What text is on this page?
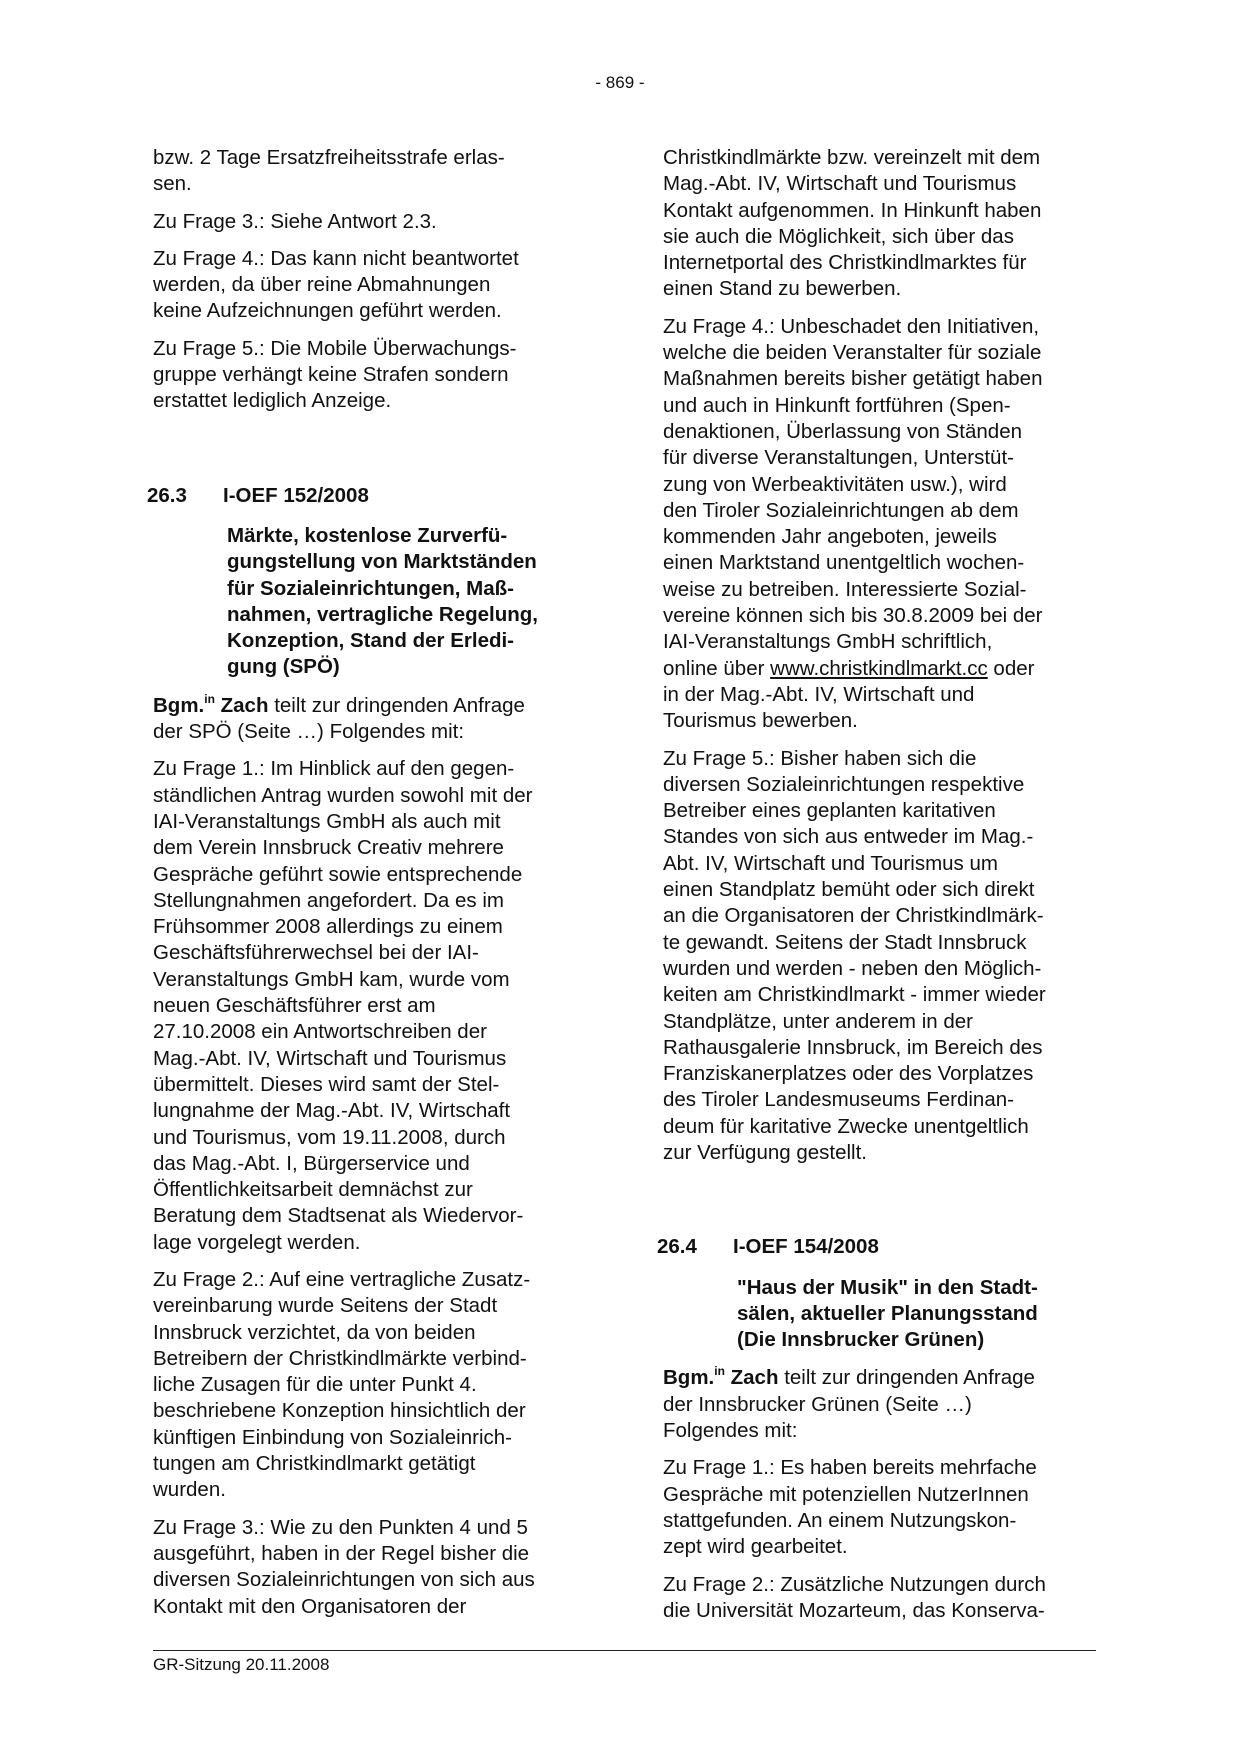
- 869 -

bzw. 2 Tage Ersatzfreiheitsstrafe erlas-
sen.

Zu Frage 3.: Siehe Antwort 2.3.

Zu Frage 4.: Das kann nicht beantwortet
werden, da über reine Abmahnungen
keine Aufzeichnungen geführt werden.

Zu Frage 5.: Die Mobile Überwachungs-
gruppe verhängt keine Strafen sondern
erstattet lediglich Anzeige.

26.3 I-OEF 152/2008
Märkte, kostenlose Zurverfü-
gungstellung von Marktständen
für Sozialeinrichtungen, Maß-
nahmen, vertragliche Regelung,
Konzeption, Stand der Erledi-
gung (SPÖ)

Bgm.$^{in}$ Zach teilt zur dringenden Anfrage
der SPÖ (Seite …) Folgendes mit:

Zu Frage 1.: Im Hinblick auf den gegen-
ständlichen Antrag wurden sowohl mit der
IAI-Veranstaltungs GmbH als auch mit
dem Verein Innsbruck Creativ mehrere
Gespräche geführt sowie entsprechende
Stellungnahmen angefordert. Da es im
Frühsommer 2008 allerdings zu einem
Geschäftsführerwechsel bei der IAI-
Veranstaltungs GmbH kam, wurde vom
neuen Geschäftsführer erst am
27.10.2008 ein Antwortschreiben der
Mag.-Abt. IV, Wirtschaft und Tourismus
übermittelt. Dieses wird samt der Stel-
lungnahme der Mag.-Abt. IV, Wirtschaft
und Tourismus, vom 19.11.2008, durch
das Mag.-Abt. I, Bürgerservice und
Öffentlichkeitsarbeit demnächst zur
Beratung dem Stadtsenat als Wiedervor-
lage vorgelegt werden.

Zu Frage 2.: Auf eine vertragliche Zusatz-
vereinbarung wurde Seitens der Stadt
Innsbruck verzichtet, da von beiden
Betreibern der Christkindlmärkte verbind-
liche Zusagen für die unter Punkt 4.
beschriebene Konzeption hinsichtlich der
künftigen Einbindung von Sozialeinrich-
tungen am Christkindlmarkt getätigt
wurden.

Zu Frage 3.: Wie zu den Punkten 4 und 5
ausgeführt, haben in der Regel bisher die
diversen Sozialeinrichtungen von sich aus
Kontakt mit den Organisatoren der

Christkindlmärkte bzw. vereinzelt mit dem
Mag.-Abt. IV, Wirtschaft und Tourismus
Kontakt aufgenommen. In Hinkunft haben
sie auch die Möglichkeit, sich über das
Internetportal des Christkindlmarktes für
einen Stand zu bewerben.

Zu Frage 4.: Unbeschadet den Initiativen,
welche die beiden Veranstalter für soziale
Maßnahmen bereits bisher getätigt haben
und auch in Hinkunft fortführen (Spen-
denaktionen, Überlassung von Ständen
für diverse Veranstaltungen, Unterstüt-
zung von Werbeaktivitäten usw.), wird
den Tiroler Sozialeinrichtungen ab dem
kommenden Jahr angeboten, jeweils
einen Marktstand unentgeltlich wochen-
weise zu betreiben. Interessierte Sozial-
vereine können sich bis 30.8.2009 bei der
IAI-Veranstaltungs GmbH schriftlich,
online über www.christkindlmarkt.cc oder
in der Mag.-Abt. IV, Wirtschaft und
Tourismus bewerben.

Zu Frage 5.: Bisher haben sich die
diversen Sozialeinrichtungen respektive
Betreiber eines geplanten karitativen
Standes von sich aus entweder im Mag.-
Abt. IV, Wirtschaft und Tourismus um
einen Standplatz bemüht oder sich direkt
an die Organisatoren der Christkindlmärk-
te gewandt. Seitens der Stadt Innsbruck
wurden und werden - neben den Möglich-
keiten am Christkindlmarkt - immer wieder
Standplätze, unter anderem in der
Rathausgalerie Innsbruck, im Bereich des
Franziskanerplatzes oder des Vorplatzes
des Tiroler Landesmuseums Ferdinan-
deum für karitative Zwecke unentgeltlich
zur Verfügung gestellt.

26.4 I-OEF 154/2008
"Haus der Musik" in den Stadt-
sälen, aktueller Planungsstand
(Die Innsbrucker Grünen)

Bgm.$^{in}$ Zach teilt zur dringenden Anfrage
der Innsbrucker Grünen (Seite …)
Folgendes mit:

Zu Frage 1.: Es haben bereits mehrfache
Gespräche mit potenziellen NutzerInnen
stattgefunden. An einem Nutzungskon-
zept wird gearbeitet.

Zu Frage 2.: Zusätzliche Nutzungen durch
die Universität Mozarteum, das Konserva-

GR-Sitzung 20.11.2008
